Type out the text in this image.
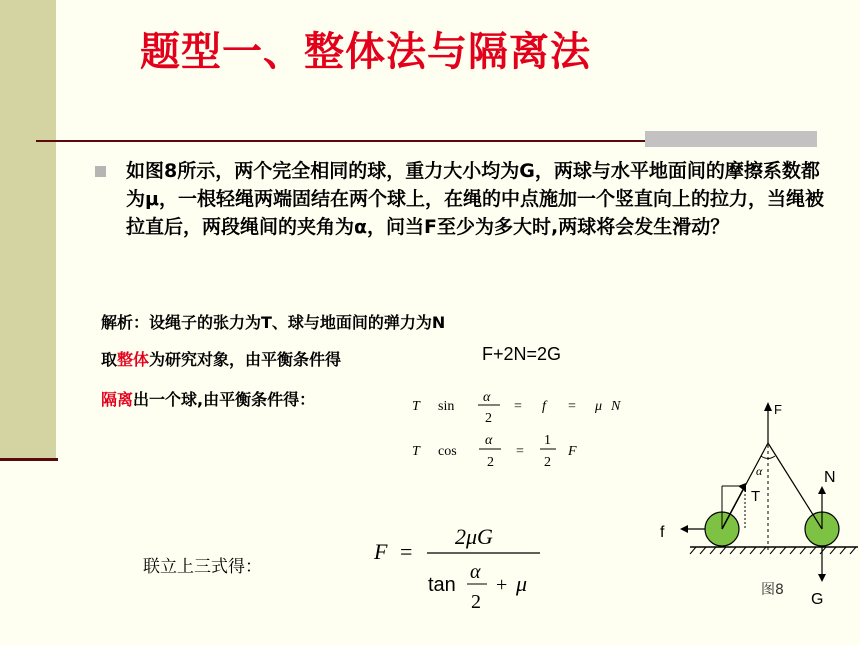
题型一、整体法与隔离法
如图8所示，两个完全相同的球，重力大小均为G，两球与水平地面间的摩擦系数都为μ，一根轻绳两端固结在两个球上，在绳的中点施加一个竖直向上的拉力，当绳被拉直后，两段绳间的夹角为α，问当F至少为多大时,两球将会发生滑动？
解析：设绳子的张力为T、球与地面间的弹力为N
取整体为研究对象，由平衡条件得	F+2N=2G
隔离出一个球,由平衡条件得：	T sin
α
2
= f = μ N
T cos
α
2
=
1
2
F
F =
2μG
tan
α
2
+ μ
F
α
T
N
G
f
图8
联立上三式得：
